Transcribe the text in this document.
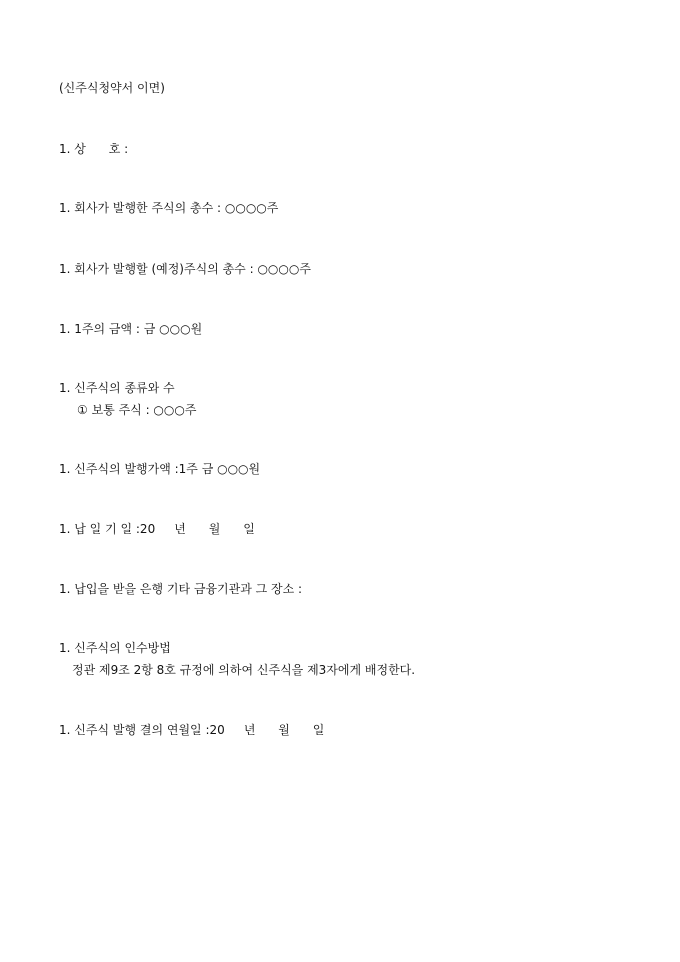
(신주식청약서 이면)
1. 상      호 :
1. 회사가 발행한 주식의 총수 : ○○○○주
1. 회사가 발행할 (예정)주식의 총수 : ○○○○주
1. 1주의 금액 : 금 ○○○원
1. 신주식의 종류와 수
① 보통 주식 : ○○○주
1. 신주식의 발행가액 :1주 금 ○○○원
1. 납 일 기 일 :20     년      월      일
1. 납입을 받을 은행 기타 금융기관과 그 장소 :
1. 신주식의 인수방법
정관 제9조 2항 8호 규정에 의하여 신주식을 제3자에게 배정한다.
1. 신주식 발행 결의 연월일 :20     년      월      일
